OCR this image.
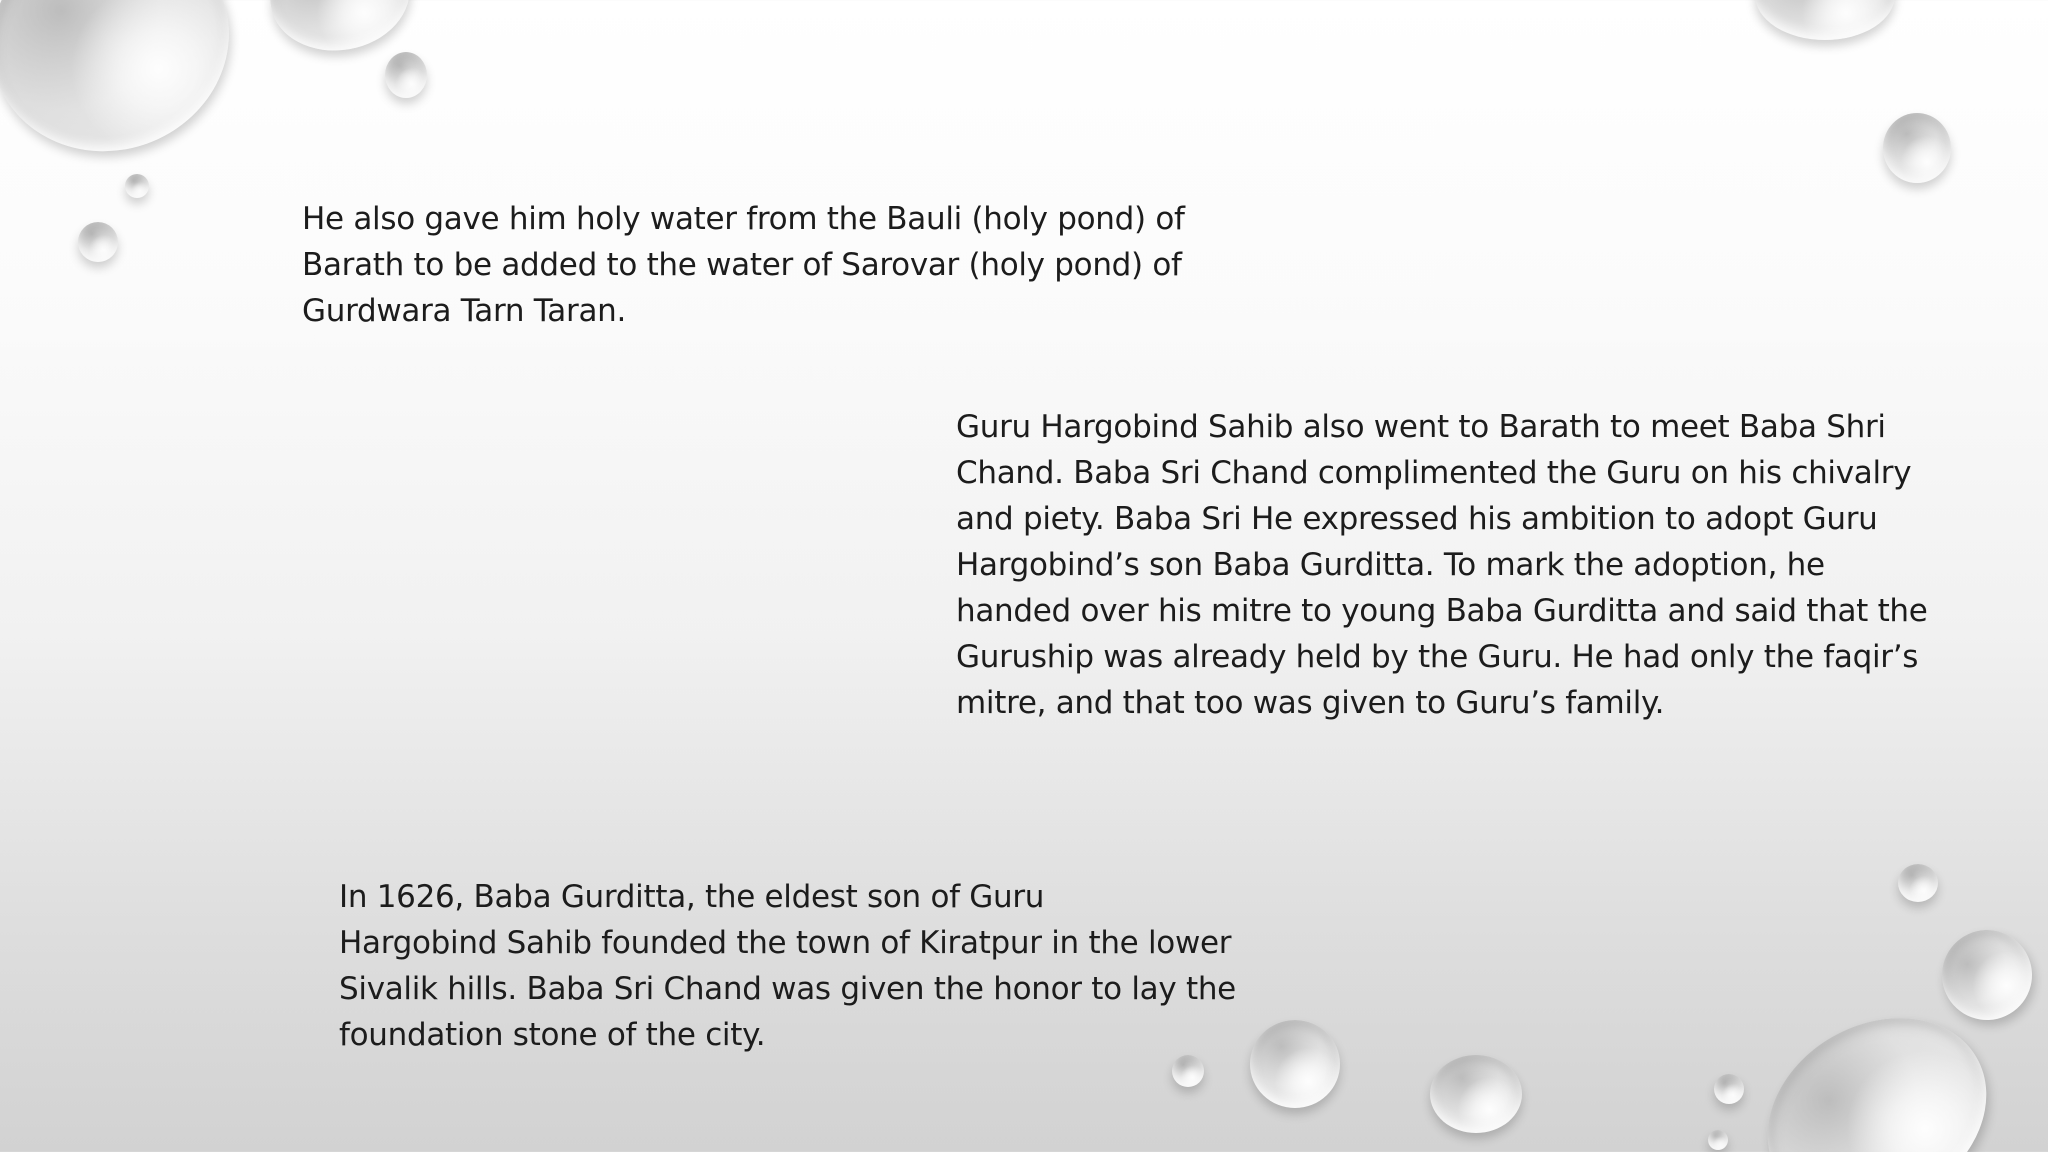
He also gave him holy water from the Bauli (holy pond) of
Barath to be added to the water of Sarovar (holy pond) of
Gurdwara Tarn Taran.

Guru Hargobind Sahib also went to Barath to meet Baba Shri
Chand. Baba Sri Chand complimented the Guru on his chivalry
and piety. Baba Sri He expressed his ambition to adopt Guru
Hargobind’s son Baba Gurditta. To mark the adoption, he
handed over his mitre to young Baba Gurditta and said that the
Guruship was already held by the Guru. He had only the faqir’s
mitre, and that too was given to Guru’s family.

In 1626, Baba Gurditta, the eldest son of Guru
Hargobind Sahib founded the town of Kiratpur in the lower
Sivalik hills. Baba Sri Chand was given the honor to lay the
foundation stone of the city.
